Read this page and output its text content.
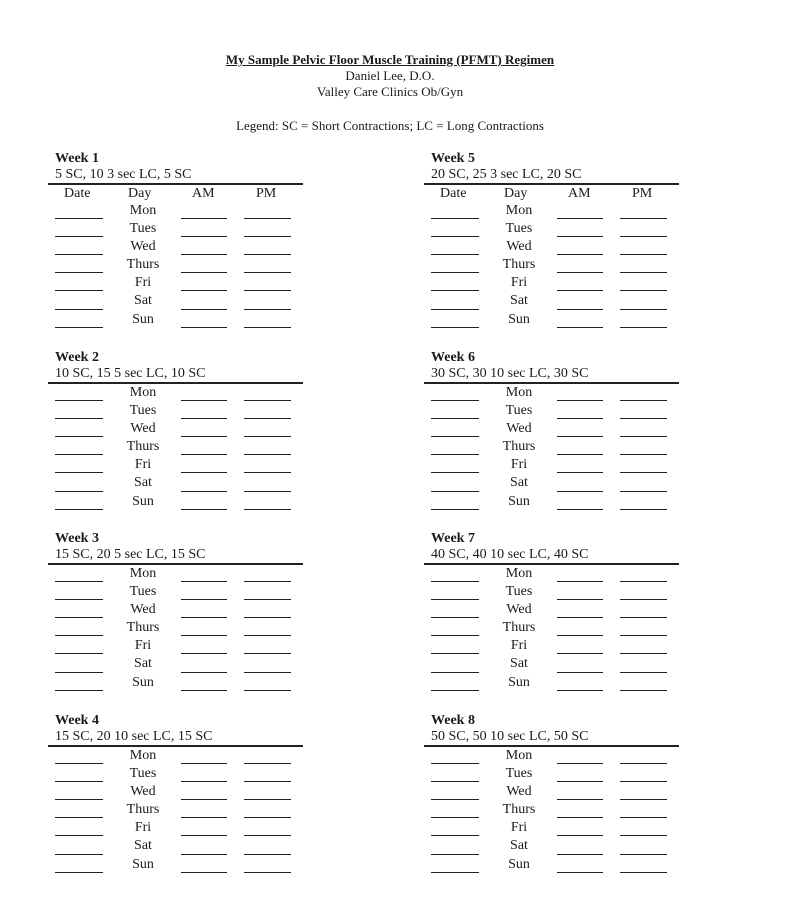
My Sample Pelvic Floor Muscle Training (PFMT) Regimen
Daniel Lee, D.O.
Valley Care Clinics Ob/Gyn
Legend: SC = Short Contractions; LC = Long Contractions
Week 1
5 SC, 10 3 sec LC, 5 SC
Date	Day	AM	PM
Mon
Tues
Wed
Thurs
Fri
Sat
Sun
Week 2
10 SC, 15 5 sec LC, 10 SC
Mon
Tues
Wed
Thurs
Fri
Sat
Sun
Week 3
15 SC, 20 5 sec LC, 15 SC
Mon
Tues
Wed
Thurs
Fri
Sat
Sun
Week 4
15 SC, 20 10 sec LC, 15 SC
Mon
Tues
Wed
Thurs
Fri
Sat
Sun
Week 5
20 SC, 25 3 sec LC, 20 SC
Date	Day	AM	PM
Mon
Tues
Wed
Thurs
Fri
Sat
Sun
Week 6
30 SC, 30 10 sec LC, 30 SC
Mon
Tues
Wed
Thurs
Fri
Sat
Sun
Week 7
40 SC, 40 10 sec LC, 40 SC
Mon
Tues
Wed
Thurs
Fri
Sat
Sun
Week 8
50 SC, 50 10 sec LC, 50 SC
Mon
Tues
Wed
Thurs
Fri
Sat
Sun
